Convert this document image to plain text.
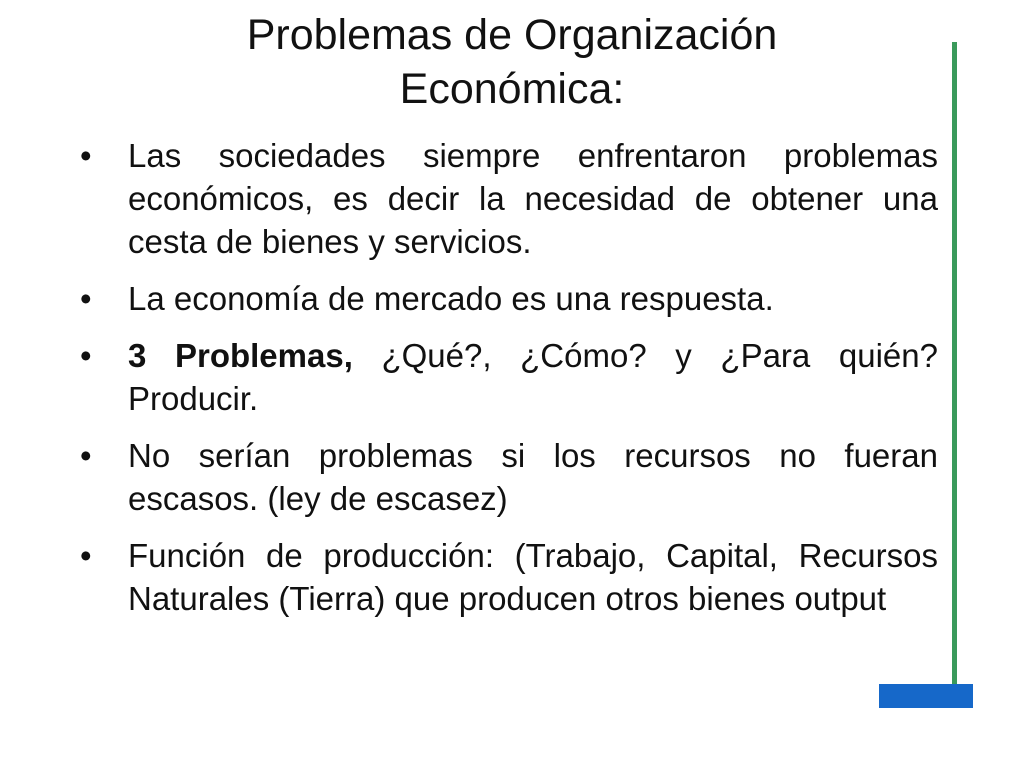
Problemas de Organización
Económica:
•	Las sociedades siempre enfrentaron problemas económicos, es decir la necesidad de obtener una cesta de bienes y servicios.
•	La economía de mercado es una respuesta.
•	3 Problemas, ¿Qué?, ¿Cómo? y ¿Para quién? Producir.
•	No serían problemas si los recursos no fueran escasos. (ley de escasez)
•	Función de producción: (Trabajo, Capital, Recursos Naturales (Tierra) que producen otros bienes output
